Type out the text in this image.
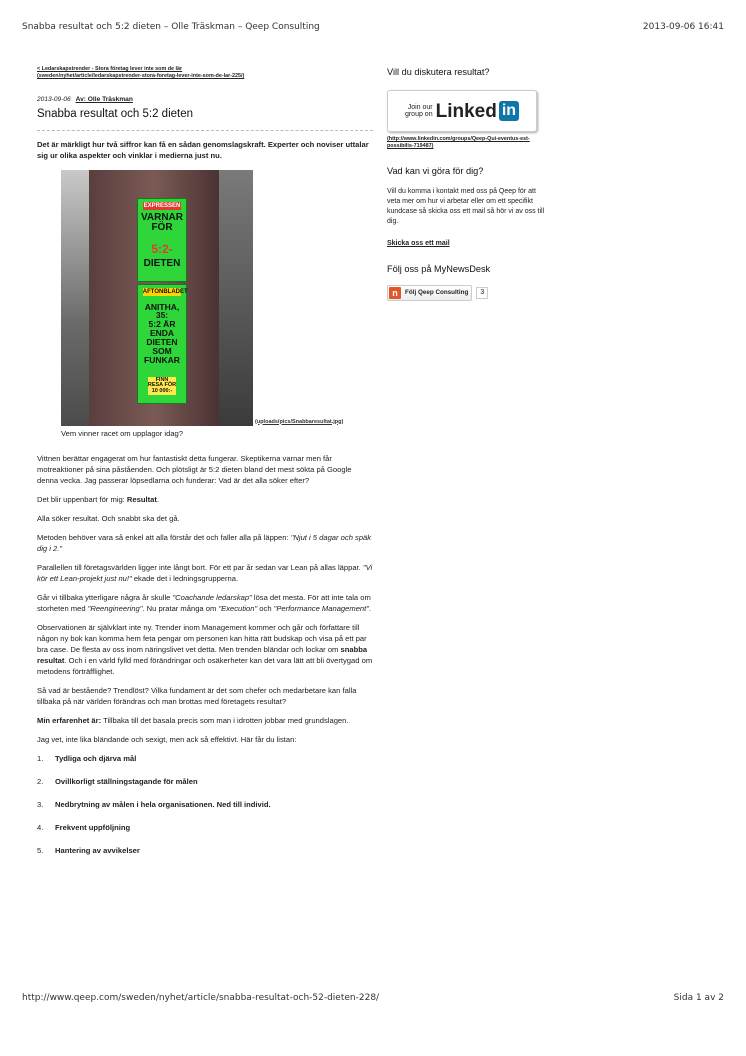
Snabba resultat och 5:2 dieten – Olle Träskman – Qeep Consulting	2013-09-06 16:41
< Ledarskapstrender - Stora företag lever inte som de lär
(sweden/nyhet/article/ledarskapstrender-stora-foretag-lever-inte-som-de-lar-225/)
2013-09-06 Av: Olle Träskman
Snabba resultat och 5:2 dieten

Det är märkligt hur två siffror kan få en sådan genomslagskraft. Experter och noviser uttalar sig ur olika aspekter och vinklar i medierna just nu.

EXPRESSEN
VARNAR
FÖR
5:2-
DIETEN
AFTONBLADET
ANITHA, 35:
5:2 ÄR
ENDA
DIETEN
SOM FUNKAR
FINN RESA FÖR 10 000:-
(uploads/pics/Snabbaresultat.jpg)
Vem vinner racet om upplagor idag?

Vittnen berättar engagerat om hur fantastiskt detta fungerar. Skeptikerna varnar men får motreaktioner på sina påståenden. Och plötsligt är 5:2 dieten bland det mest sökta på Google denna vecka. Jag passerar löpsedlarna och funderar: Vad är det alla söker efter?

Det blir uppenbart för mig: Resultat.

Alla söker resultat. Och snabbt ska det gå.

Metoden behöver vara så enkel att alla förstår det och faller alla på läppen: "Njut i 5 dagar och späk dig i 2."

Parallellen till företagsvärlden ligger inte långt bort. För ett par år sedan var Lean på allas läppar. "Vi kör ett Lean-projekt just nu!" ekade det i ledningsgrupperna.

Går vi tillbaka ytterligare några år skulle "Coachande ledarskap" lösa det mesta. För att inte tala om storheten med "Reengineering". Nu pratar många om "Execution" och "Performance Management".

Observationen är självklart inte ny. Trender inom Management kommer och går och författare till någon ny bok kan komma hem feta pengar om personen kan hitta rätt budskap och visa på ett par bra case. De flesta av oss inom näringslivet vet detta. Men trenden bländar och lockar om snabba resultat. Och i en värld fylld med förändringar och osäkerheter kan det vara lätt att bli övertygad om metodens förträfflighet.

Så vad är bestående? Trendlöst? Vilka fundament är det som chefer och medarbetare kan falla tillbaka på när världen förändras och man brottas med företagets resultat?

Min erfarenhet är: Tillbaka till det basala precis som man i idrotten jobbar med grundslagen.

Jag vet, inte lika bländande och sexigt, men ack så effektivt. Här får du listan:

1.	Tydliga och djärva mål
2.	Ovillkorligt ställningstagande för målen
3.	Nedbrytning av målen i hela organisationen. Ned till individ.
4.	Frekvent uppföljning
5.	Hantering av avvikelser
Vill du diskutera resultat?
Join our
group on Linked in
(http://www.linkedin.com/groups/Qeep-Qui-eventus-est-possibilis-719487)
Vad kan vi göra för dig?

Vill du komma i kontakt med oss på Qeep för att veta mer om hur vi arbetar eller om ett specifikt kundcase så skicka oss ett mail så hör vi av oss till dig.

Skicka oss ett mail
Följ oss på MyNewsDesk
n	Följ Qeep Consulting	3
http://www.qeep.com/sweden/nyhet/article/snabba-resultat-och-52-dieten-228/	Sida 1 av 2
